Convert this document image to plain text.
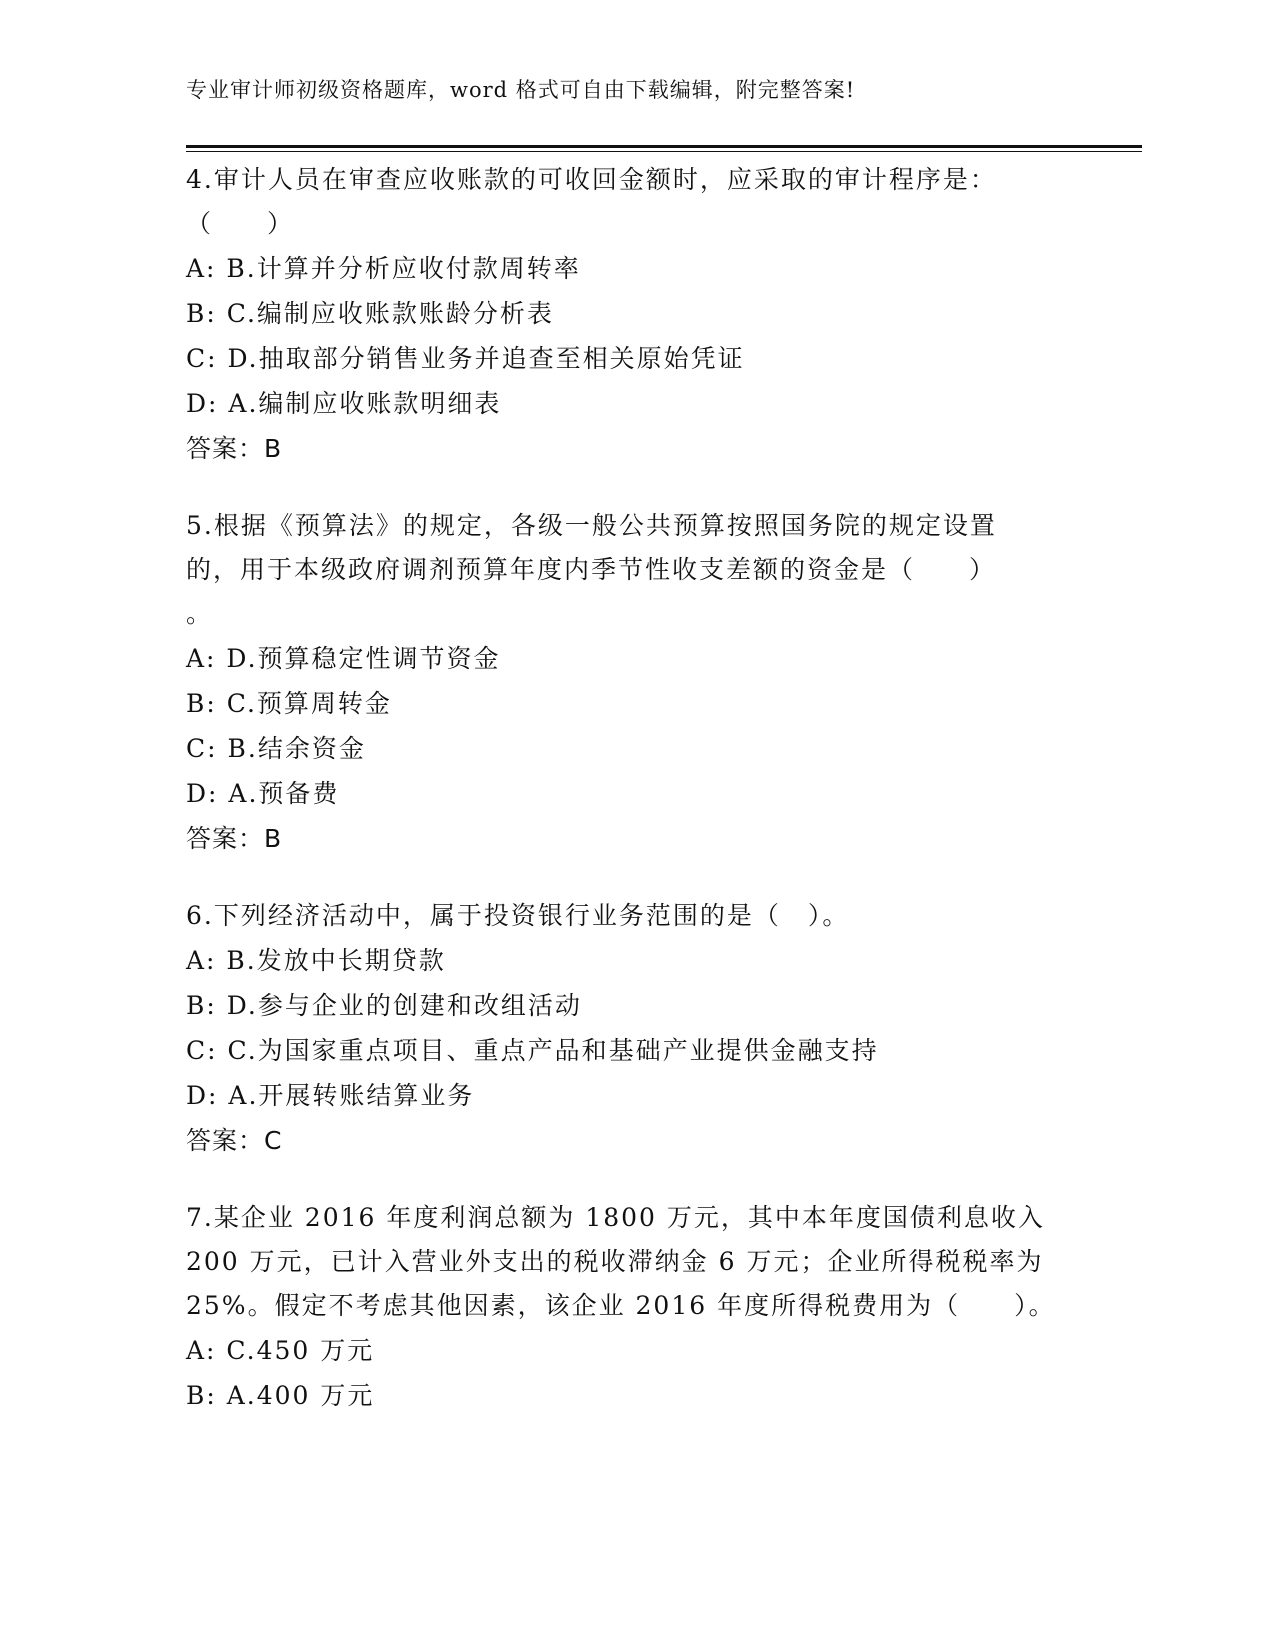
专业审计师初级资格题库，word 格式可自由下载编辑，附完整答案!
4.审计人员在审查应收账款的可收回金额时，应采取的审计程序是：
（　　）
A: B.计算并分析应收付款周转率
B: C.编制应收账款账龄分析表
C: D.抽取部分销售业务并追查至相关原始凭证
D: A.编制应收账款明细表
答案：B
5.根据《预算法》的规定，各级一般公共预算按照国务院的规定设置
的，用于本级政府调剂预算年度内季节性收支差额的资金是（　　）
。
A: D.预算稳定性调节资金
B: C.预算周转金
C: B.结余资金
D: A.预备费
答案：B
6.下列经济活动中，属于投资银行业务范围的是（　）。
A: B.发放中长期贷款
B: D.参与企业的创建和改组活动
C: C.为国家重点项目、重点产品和基础产业提供金融支持
D: A.开展转账结算业务
答案：C
7.某企业 2016 年度利润总额为 1800 万元，其中本年度国债利息收入
200 万元，已计入营业外支出的税收滞纳金 6 万元；企业所得税税率为
25%。假定不考虑其他因素，该企业 2016 年度所得税费用为（　　）。
A: C.450 万元
B: A.400 万元
